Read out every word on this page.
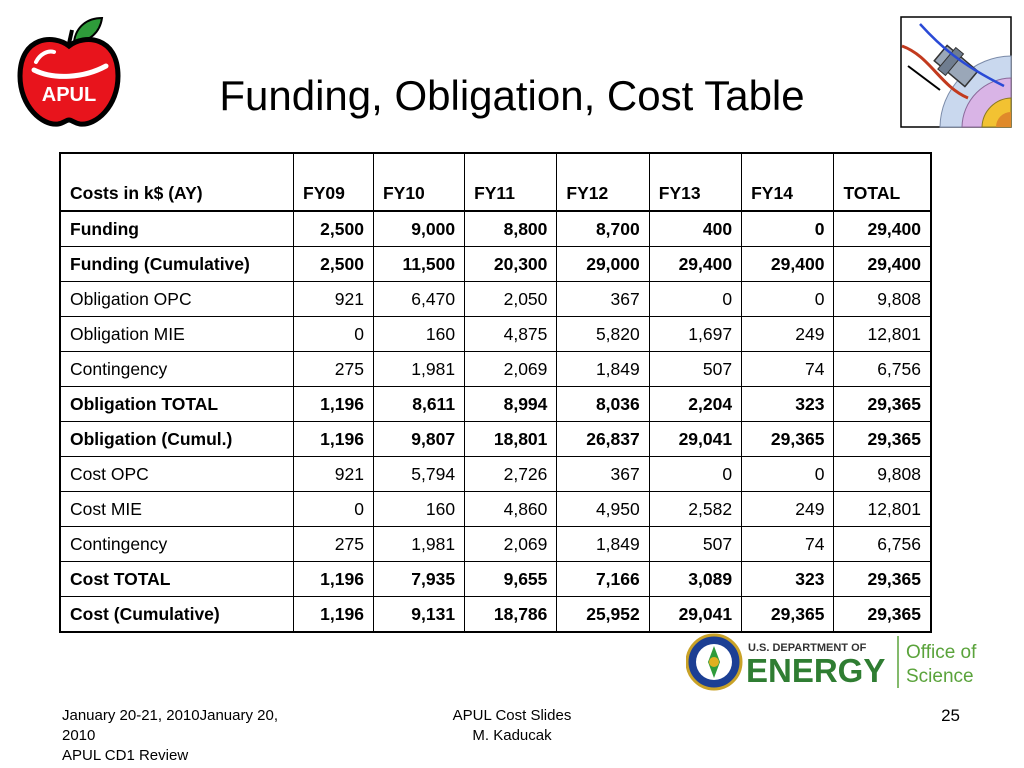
APUL	Funding, Obligation, Cost Table
Costs in k$ (AY)	FY09	FY10	FY11	FY12	FY13	FY14	TOTAL
Funding	2,500	9,000	8,800	8,700	400	0	29,400
Funding (Cumulative)	2,500	11,500	20,300	29,000	29,400	29,400	29,400
Obligation OPC	921	6,470	2,050	367	0	0	9,808
Obligation MIE	0	160	4,875	5,820	1,697	249	12,801
Contingency	275	1,981	2,069	1,849	507	74	6,756
Obligation TOTAL	1,196	8,611	8,994	8,036	2,204	323	29,365
Obligation (Cumul.)	1,196	9,807	18,801	26,837	29,041	29,365	29,365
Cost OPC	921	5,794	2,726	367	0	0	9,808
Cost MIE	0	160	4,860	4,950	2,582	249	12,801
Contingency	275	1,981	2,069	1,849	507	74	6,756
Cost TOTAL	1,196	7,935	9,655	7,166	3,089	323	29,365
Cost (Cumulative)	1,196	9,131	18,786	25,952	29,041	29,365	29,365
U.S. DEPARTMENT OF
ENERGY Office of
Science
January 20-21, 2010January 20,
2010
APUL CD1 Review
APUL Cost Slides
M. Kaducak
25
